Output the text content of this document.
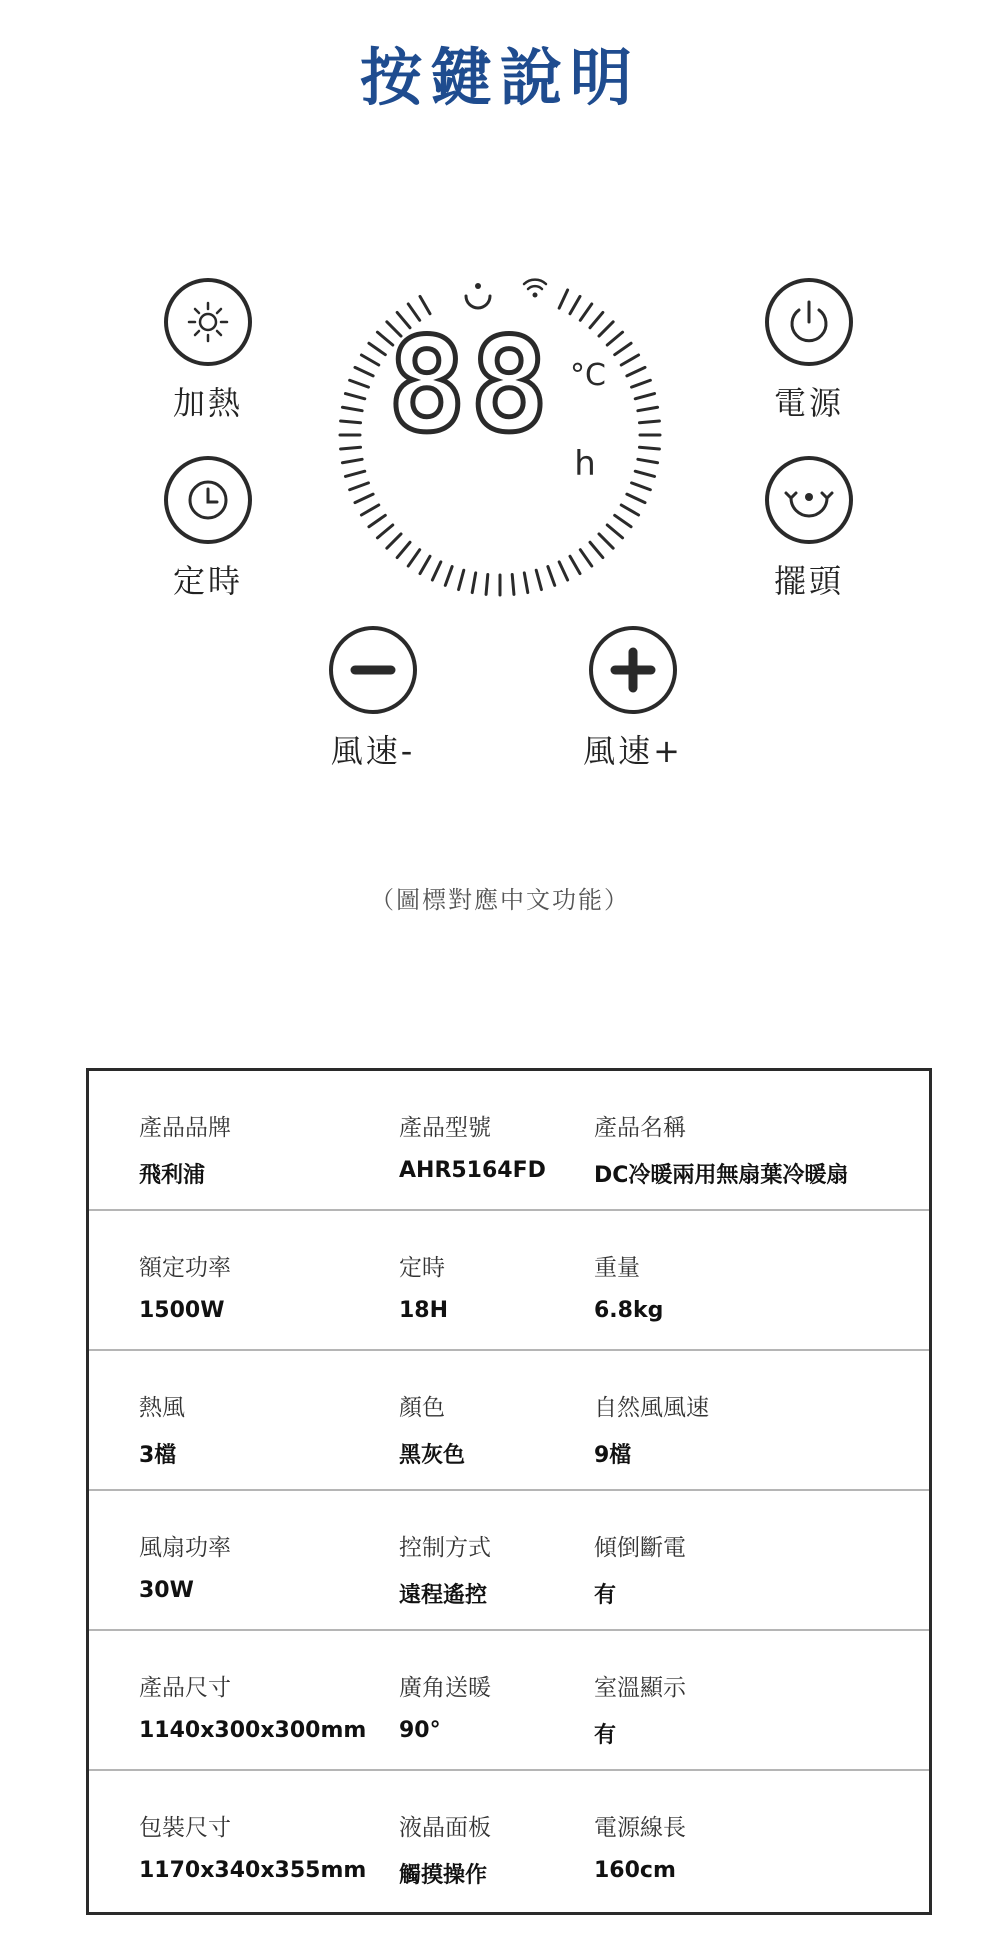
按鍵說明
加熱
定時
電源
擺頭
風速-	風速+
88 °C
h
（圖標對應中文功能）
產品品牌
飛利浦
產品型號
AHR5164FD
產品名稱
DC冷暖兩用無扇葉冷暖扇
額定功率
1500W
定時
18H
重量
6.8kg
熱風
3檔
顏色
黑灰色
自然風風速
9檔
風扇功率
30W
控制方式
遠程遙控
傾倒斷電
有
產品尺寸
1140x300x300mm
廣角送暖
90°
室溫顯示
有
包裝尺寸
1170x340x355mm
液晶面板
觸摸操作
電源線長
160cm
